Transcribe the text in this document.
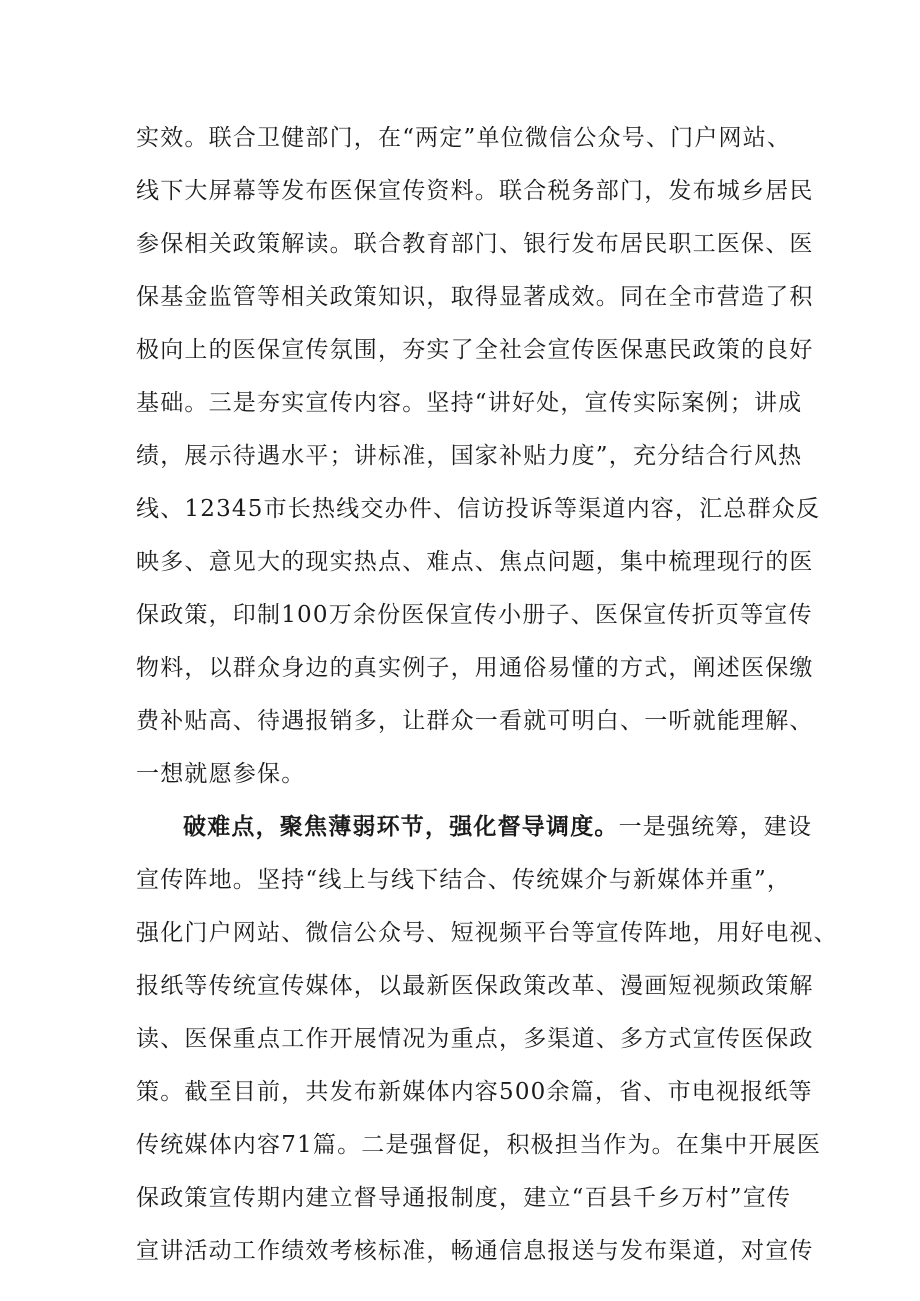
实效。联合卫健部门，在“两定”单位微信公众号、门户网站、
线下大屏幕等发布医保宣传资料。联合税务部门，发布城乡居民
参保相关政策解读。联合教育部门、银行发布居民职工医保、医
保基金监管等相关政策知识，取得显著成效。同在全市营造了积
极向上的医保宣传氛围，夯实了全社会宣传医保惠民政策的良好
基础。三是夯实宣传内容。坚持“讲好处，宣传实际案例；讲成
绩，展示待遇水平；讲标准，国家补贴力度”，充分结合行风热
线、12345市长热线交办件、信访投诉等渠道内容，汇总群众反
映多、意见大的现实热点、难点、焦点问题，集中梳理现行的医
保政策，印制100万余份医保宣传小册子、医保宣传折页等宣传
物料，以群众身边的真实例子，用通俗易懂的方式，阐述医保缴
费补贴高、待遇报销多，让群众一看就可明白、一听就能理解、
一想就愿参保。
破难点，聚焦薄弱环节，强化督导调度。一是强统筹，建设
宣传阵地。坚持“线上与线下结合、传统媒介与新媒体并重”，
强化门户网站、微信公众号、短视频平台等宣传阵地，用好电视、
报纸等传统宣传媒体，以最新医保政策改革、漫画短视频政策解
读、医保重点工作开展情况为重点，多渠道、多方式宣传医保政
策。截至目前，共发布新媒体内容500余篇，省、市电视报纸等
传统媒体内容71篇。二是强督促，积极担当作为。在集中开展医
保政策宣传期内建立督导通报制度，建立“百县千乡万村”宣传
宣讲活动工作绩效考核标准，畅通信息报送与发布渠道，对宣传
